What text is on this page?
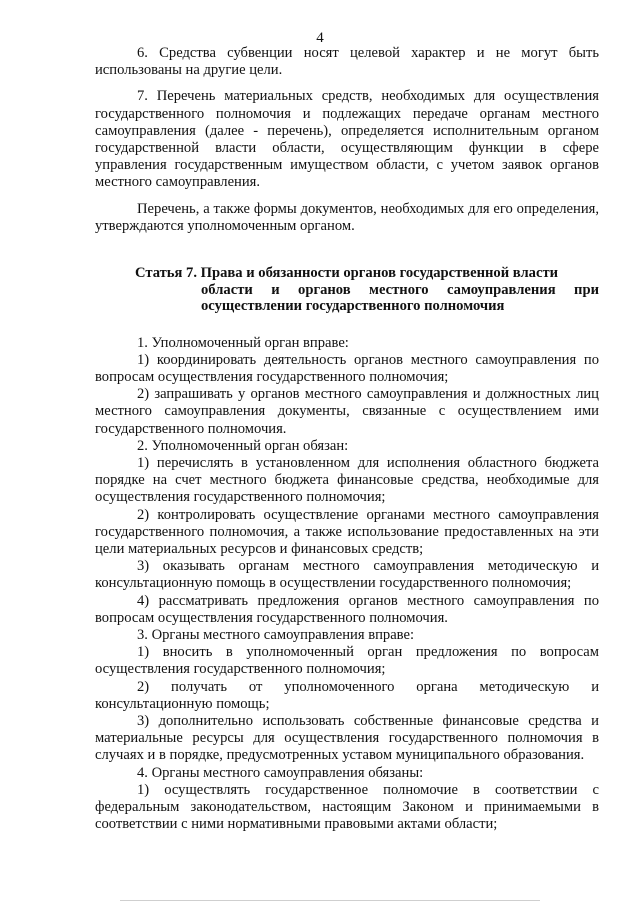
4

6. Средства субвенции носят целевой характер и не могут быть использованы на другие цели.

7. Перечень материальных средств, необходимых для осуществления государственного полномочия и подлежащих передаче органам местного самоуправления (далее - перечень), определяется исполнительным органом государственной власти области, осуществляющим функции в сфере управления государственным имуществом области, с учетом заявок органов местного самоуправления.

Перечень, а также формы документов, необходимых для его определения, утверждаются уполномоченным органом.

Статья 7. Права и обязанности органов государственной власти
области и органов местного самоуправления при
осуществлении государственного полномочия

1. Уполномоченный орган вправе:

1) координировать деятельность органов местного самоуправления по вопросам осуществления государственного полномочия;

2) запрашивать у органов местного самоуправления и должностных лиц местного самоуправления документы, связанные с осуществлением ими государственного полномочия.

2. Уполномоченный орган обязан:

1) перечислять в установленном для исполнения областного бюджета порядке на счет местного бюджета финансовые средства, необходимые для осуществления государственного полномочия;

2) контролировать осуществление органами местного самоуправления государственного полномочия, а также использование предоставленных на эти цели материальных ресурсов и финансовых средств;

3) оказывать органам местного самоуправления методическую и консультационную помощь в осуществлении государственного полномочия;

4) рассматривать предложения органов местного самоуправления по вопросам осуществления государственного полномочия.

3. Органы местного самоуправления вправе:

1) вносить в уполномоченный орган предложения по вопросам осуществления государственного полномочия;

2) получать от уполномоченного органа методическую и консультационную помощь;

3) дополнительно использовать собственные финансовые средства и материальные ресурсы для осуществления государственного полномочия в случаях и в порядке, предусмотренных уставом муниципального образования.

4. Органы местного самоуправления обязаны:

1) осуществлять государственное полномочие в соответствии с федеральным законодательством, настоящим Законом и принимаемыми в соответствии с ними нормативными правовыми актами области;
